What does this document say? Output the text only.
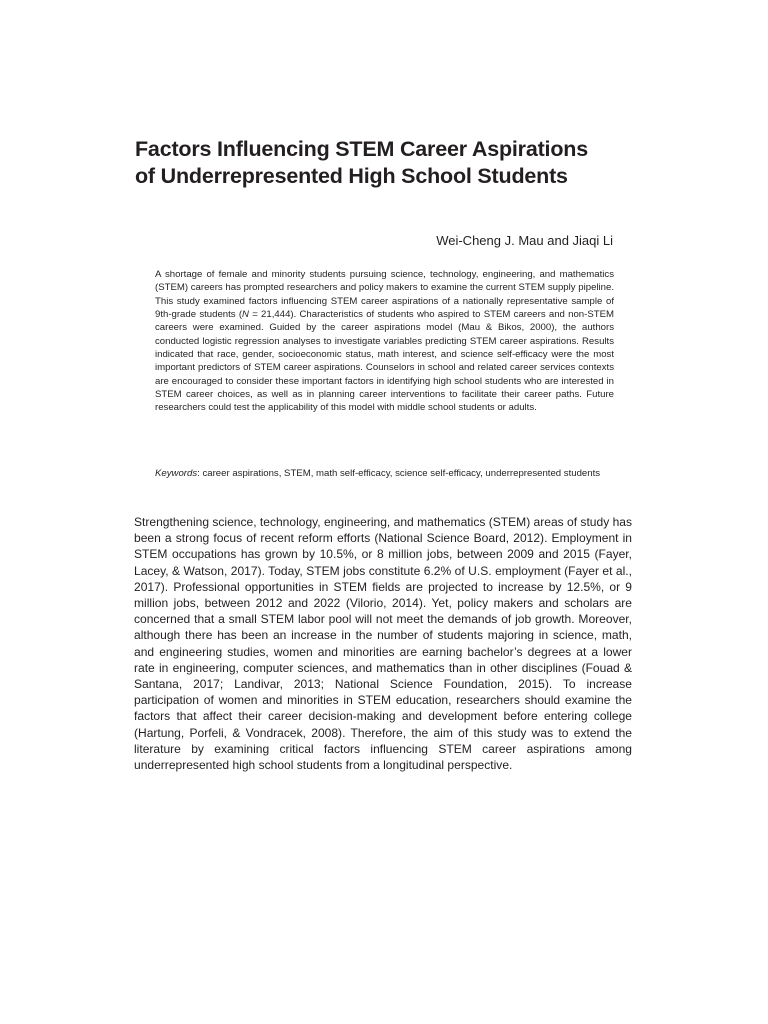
Factors Influencing STEM Career Aspirations
of Underrepresented High School Students

Wei-Cheng J. Mau and Jiaqi Li

A shortage of female and minority students pursuing science, technology, engineering, and mathematics (STEM) careers has prompted researchers and policy makers to examine the current STEM supply pipeline. This study examined factors influencing STEM career aspirations of a nationally representative sample of 9th-grade students (N = 21,444). Characteristics of students who aspired to STEM careers and non-STEM careers were examined. Guided by the career aspirations model (Mau & Bikos, 2000), the authors conducted logistic regression analyses to investigate variables predicting STEM career aspirations. Results indicated that race, gender, socioeconomic status, math interest, and science self-efficacy were the most important predictors of STEM career aspirations. Counselors in school and related career services contexts are encouraged to consider these important factors in identifying high school students who are interested in STEM career choices, as well as in planning career interventions to facilitate their career paths. Future researchers could test the applicability of this model with middle school students or adults.

Keywords: career aspirations, STEM, math self-efficacy, science self-efficacy, underrepresented students

Strengthening science, technology, engineering, and mathematics (STEM) areas of study has been a strong focus of recent reform efforts (National Science Board, 2012). Employment in STEM occupations has grown by 10.5%, or 8 million jobs, between 2009 and 2015 (Fayer, Lacey, & Watson, 2017). Today, STEM jobs constitute 6.2% of U.S. employment (Fayer et al., 2017). Professional opportunities in STEM fields are projected to increase by 12.5%, or 9 million jobs, between 2012 and 2022 (Vilorio, 2014). Yet, policy makers and scholars are concerned that a small STEM labor pool will not meet the demands of job growth. Moreover, although there has been an increase in the number of students majoring in science, math, and engineering studies, women and minorities are earning bachelor’s degrees at a lower rate in engineering, computer sciences, and mathematics than in other disciplines (Fouad & Santana, 2017; Landivar, 2013; National Science Foundation, 2015). To increase participation of women and minorities in STEM education, researchers should examine the factors that affect their career decision-making and development before entering college (Hartung, Porfeli, & Vondracek, 2008). Therefore, the aim of this study was to extend the literature by examining critical factors influencing STEM career aspirations among underrepresented high school students from a longitudinal perspective.
